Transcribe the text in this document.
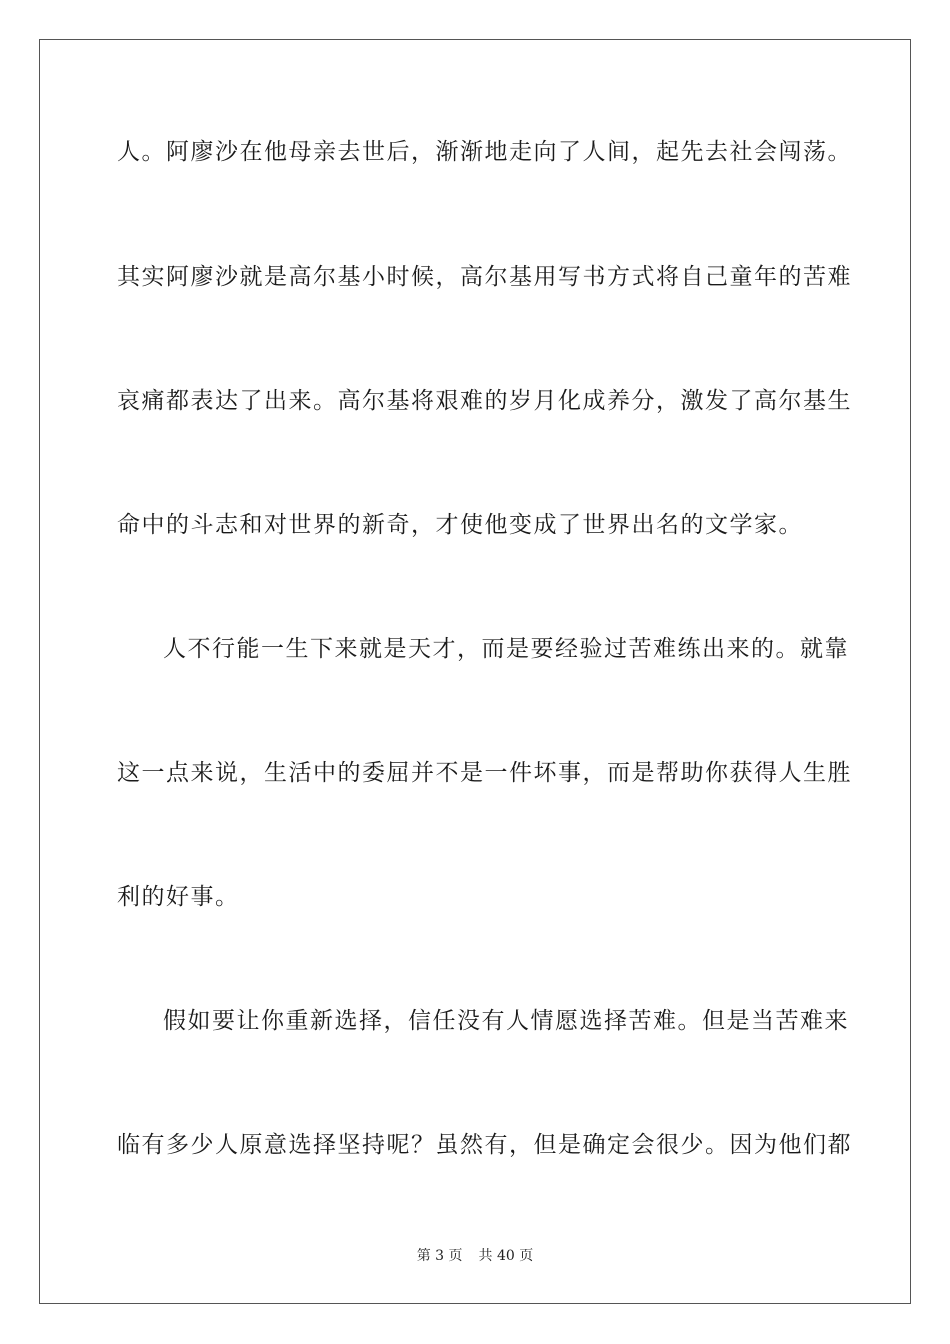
人。阿廖沙在他母亲去世后，渐渐地走向了人间，起先去社会闯荡。
其实阿廖沙就是高尔基小时候，高尔基用写书方式将自己童年的苦难
哀痛都表达了出来。高尔基将艰难的岁月化成养分，激发了高尔基生
命中的斗志和对世界的新奇，才使他变成了世界出名的文学家。
人不行能一生下来就是天才，而是要经验过苦难练出来的。就靠
这一点来说，生活中的委屈并不是一件坏事，而是帮助你获得人生胜
利的好事。
假如要让你重新选择，信任没有人情愿选择苦难。但是当苦难来
临有多少人原意选择坚持呢？虽然有，但是确定会很少。因为他们都
第 3 页 共 40 页
